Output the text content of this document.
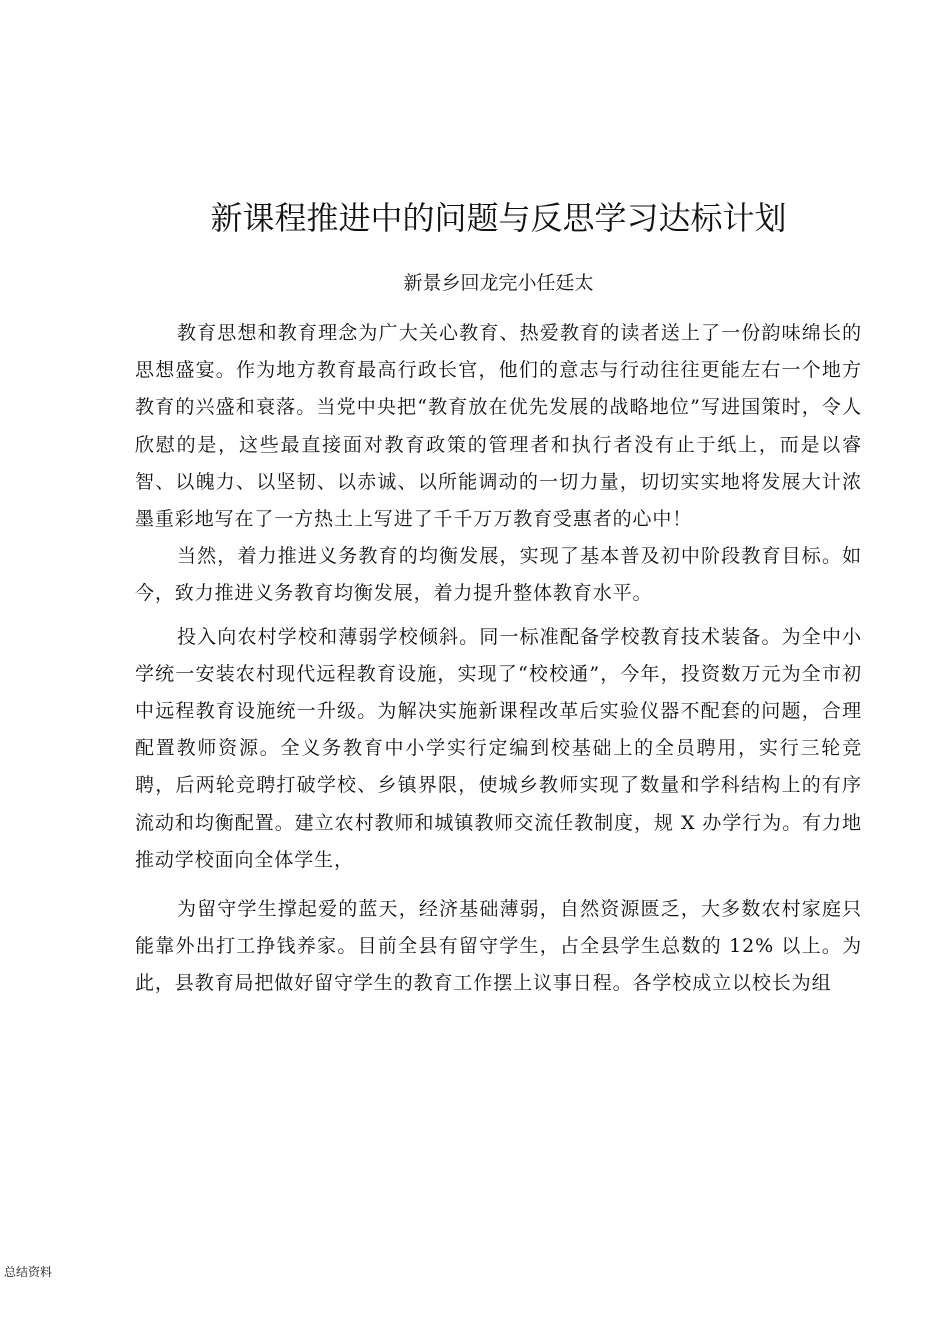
新课程推进中的问题与反思学习达标计划

新景乡回龙完小任廷太

教育思想和教育理念为广大关心教育、热爱教育的读者送上了一份韵味绵长的思想盛宴。作为地方教育最高行政长官，他们的意志与行动往往更能左右一个地方教育的兴盛和衰落。当党中央把“教育放在优先发展的战略地位”写进国策时，令人欣慰的是，这些最直接面对教育政策的管理者和执行者没有止于纸上，而是以睿智、以魄力、以坚韧、以赤诚、以所能调动的一切力量，切切实实地将发展大计浓墨重彩地写在了一方热土上写进了千千万万教育受惠者的心中！

当然，着力推进义务教育的均衡发展，实现了基本普及初中阶段教育目标。如今，致力推进义务教育均衡发展，着力提升整体教育水平。

投入向农村学校和薄弱学校倾斜。同一标准配备学校教育技术装备。为全中小学统一安装农村现代远程教育设施，实现了“校校通”，今年，投资数万元为全市初中远程教育设施统一升级。为解决实施新课程改革后实验仪器不配套的问题，合理配置教师资源。全义务教育中小学实行定编到校基础上的全员聘用，实行三轮竞聘，后两轮竞聘打破学校、乡镇界限，使城乡教师实现了数量和学科结构上的有序流动和均衡配置。建立农村教师和城镇教师交流任教制度，规 X 办学行为。有力地推动学校面向全体学生，

为留守学生撑起爱的蓝天，经济基础薄弱，自然资源匮乏，大多数农村家庭只能靠外出打工挣钱养家。目前全县有留守学生，占全县学生总数的 12% 以上。为此，县教育局把做好留守学生的教育工作摆上议事日程。各学校成立以校长为组

总结资料
